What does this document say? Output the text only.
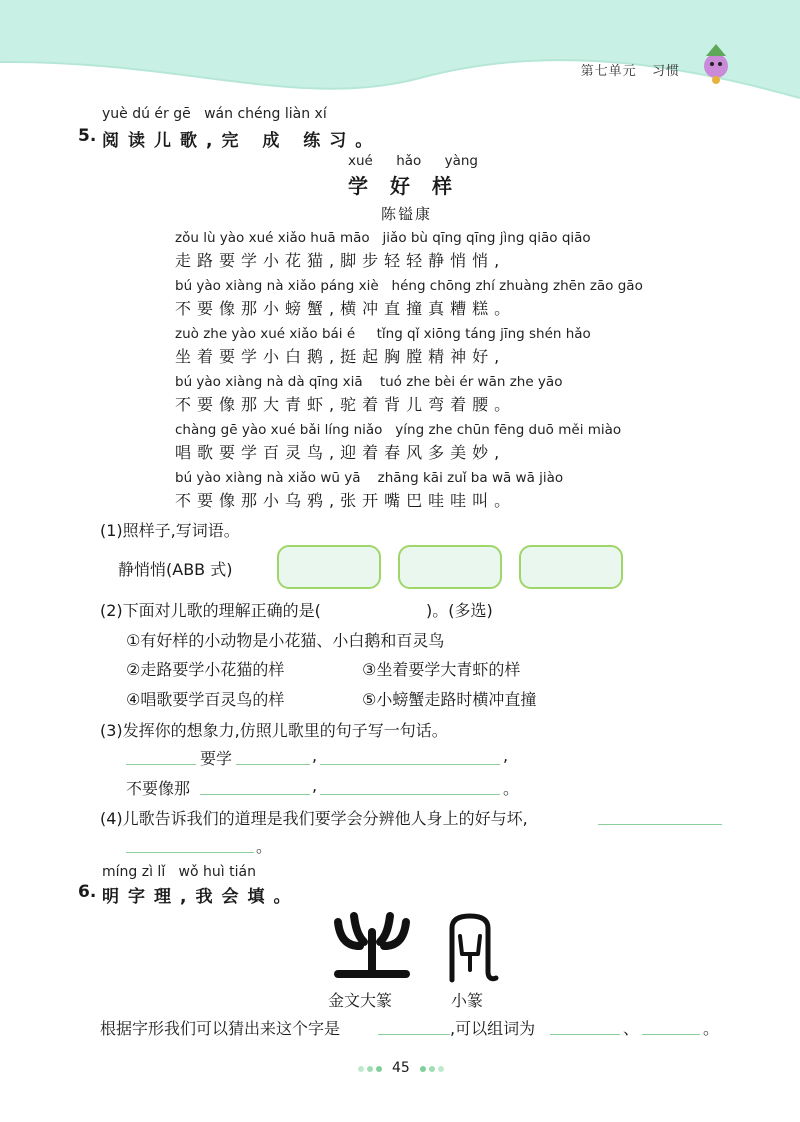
第七单元 习惯
yuè dú ér gē   wán chéng liàn xí
5. 阅读儿歌,完 成 练习。
xué hǎo yàng
学好样
陈镒康
zǒu lù yào xué xiǎo huā māo   jiǎo bù qīng qīng jìng qiāo qiāo
走路要学小花猫,脚步轻轻静悄悄,
bú yào xiàng nà xiǎo páng xiè   héng chōng zhí zhuàng zhēn zāo gāo
不要像那小螃蟹,横冲直撞真糟糕。
zuò zhe yào xué xiǎo bái é     tǐng qǐ xiōng táng jīng shén hǎo
坐着要学小白鹅,挺起胸膛精神好,
bú yào xiàng nà dà qīng xiā    tuó zhe bèi ér wān zhe yāo
不要像那大青虾,驼着背儿弯着腰。
chàng gē yào xué bǎi líng niǎo   yíng zhe chūn fēng duō měi miào
唱歌要学百灵鸟,迎着春风多美妙,
bú yào xiàng nà xiǎo wū yā    zhāng kāi zuǐ ba wā wā jiào
不要像那小乌鸦,张开嘴巴哇哇叫。
(1)照样子,写词语。
静悄悄(ABB 式)
(2)下面对儿歌的理解正确的是(	)。(多选)
①有好样的小动物是小花猫、小白鹅和百灵鸟
②走路要学小花猫的样	③坐着要学大青虾的样
④唱歌要学百灵鸟的样	⑤小螃蟹走路时横冲直撞
(3)发挥你的想象力,仿照儿歌里的句子写一句话。
要学	,	,
不要像那	,	。
(4)儿歌告诉我们的道理是我们要学会分辨他人身上的好与坏,
。
míng zì lǐ   wǒ huì tián
6. 明字理,我会填。
金文大篆	小篆
根据字形我们可以猜出来这个字是	,可以组词为	、	。
45
